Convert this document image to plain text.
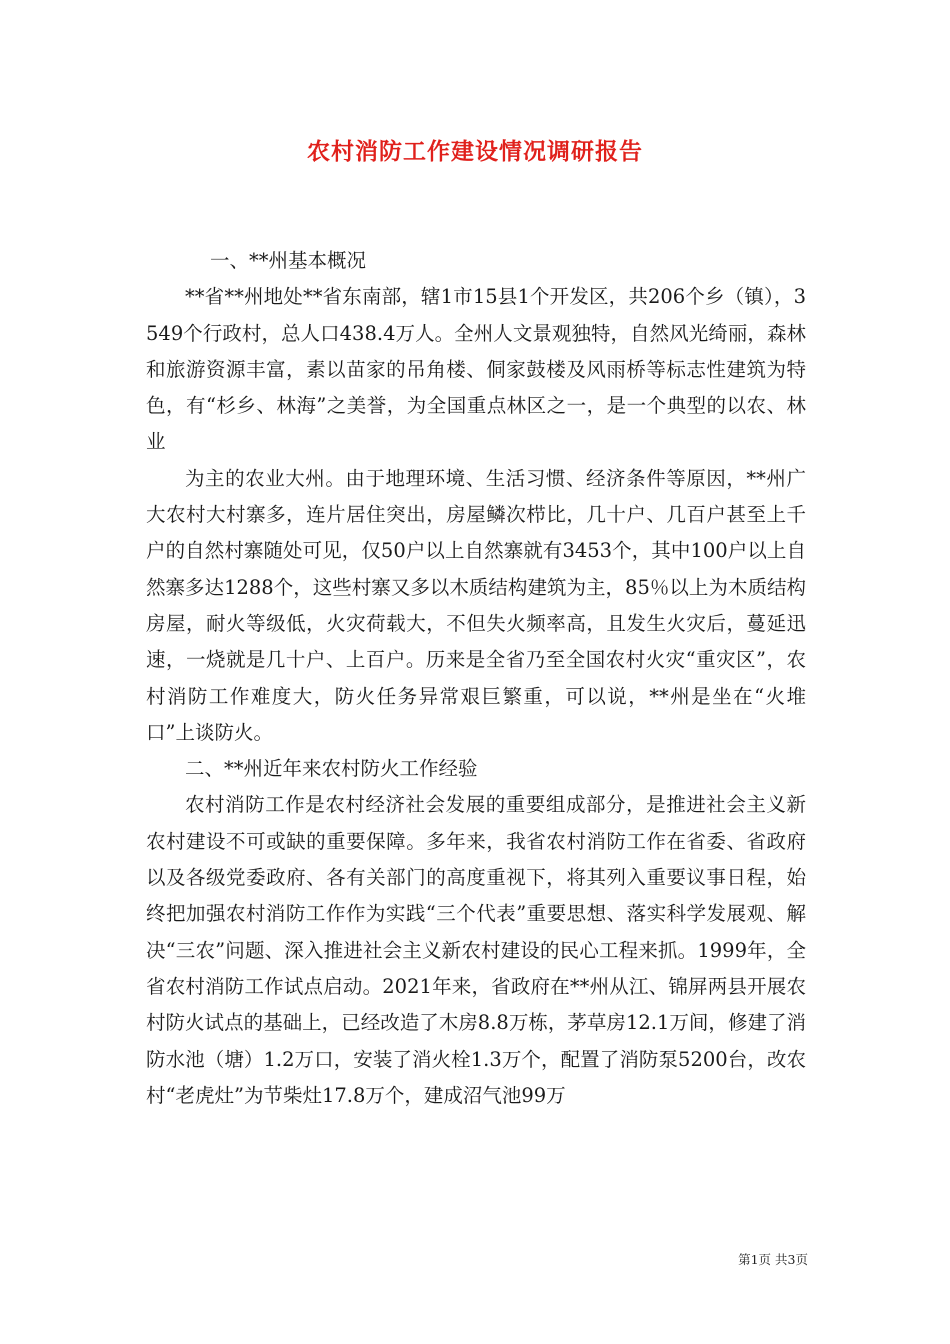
农村消防工作建设情况调研报告

一、**州基本概况

**省**州地处**省东南部，辖1市15县1个开发区，共206个乡（镇），3549个行政村，总人口438.4万人。全州人文景观独特，自然风光绮丽，森林和旅游资源丰富，素以苗家的吊角楼、侗家鼓楼及风雨桥等标志性建筑为特色，有“杉乡、林海”之美誉，为全国重点林区之一，是一个典型的以农、林业

为主的农业大州。由于地理环境、生活习惯、经济条件等原因，**州广大农村大村寨多，连片居住突出，房屋鳞次栉比，几十户、几百户甚至上千户的自然村寨随处可见，仅50户以上自然寨就有3453个，其中100户以上自然寨多达1288个，这些村寨又多以木质结构建筑为主，85％以上为木质结构房屋，耐火等级低，火灾荷载大，不但失火频率高，且发生火灾后，蔓延迅速，一烧就是几十户、上百户。历来是全省乃至全国农村火灾“重灾区”，农村消防工作难度大，防火任务异常艰巨繁重，可以说，**州是坐在“火堆口”上谈防火。

二、**州近年来农村防火工作经验

农村消防工作是农村经济社会发展的重要组成部分，是推进社会主义新农村建设不可或缺的重要保障。多年来，我省农村消防工作在省委、省政府以及各级党委政府、各有关部门的高度重视下，将其列入重要议事日程，始终把加强农村消防工作作为实践“三个代表”重要思想、落实科学发展观、解决“三农”问题、深入推进社会主义新农村建设的民心工程来抓。1999年，全省农村消防工作试点启动。2021年来，省政府在**州从江、锦屏两县开展农村防火试点的基础上，已经改造了木房8.8万栋，茅草房12.1万间，修建了消防水池（塘）1.2万口，安装了消火栓1.3万个，配置了消防泵5200台，改农村“老虎灶”为节柴灶17.8万个，建成沼气池99万

第1页 共3页
